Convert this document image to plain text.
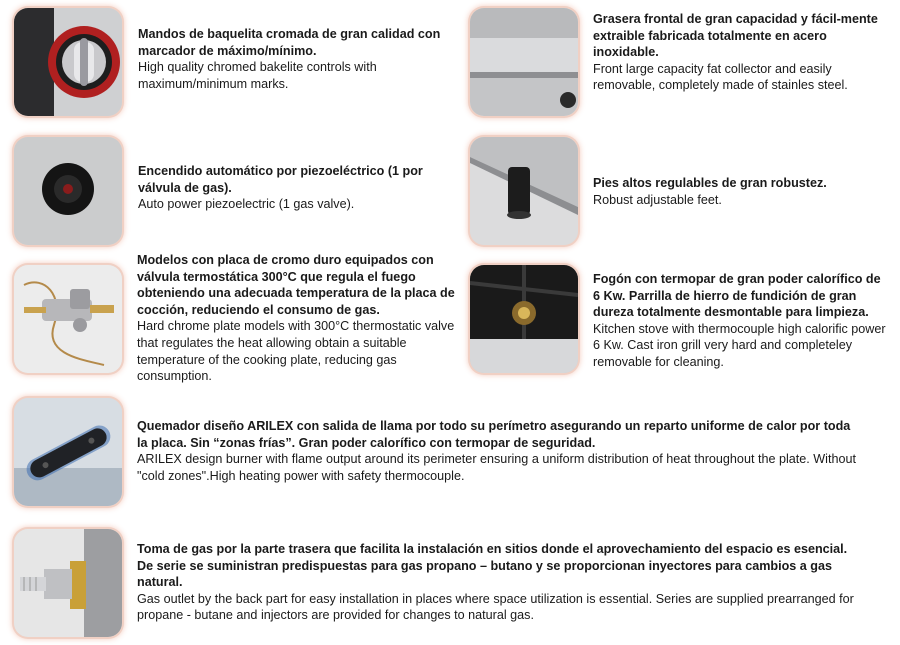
Mandos de baquelita cromada de gran calidad con marcador de máximo/mínimo.

High quality chromed bakelite controls with maximum/minimum marks.

Grasera frontal de gran capacidad y fácil-mente extraible fabricada totalmente en acero inoxidable.

Front large capacity fat collector and easily removable, completely made of stainles steel.

Encendido automático por piezoeléctrico (1 por válvula de gas).

Auto power piezoelectric (1 gas valve).

Pies altos regulables de gran robustez.

Robust adjustable feet.

Modelos con placa de cromo duro equipados con válvula termostática 300°C que regula el fuego obteniendo una adecuada temperatura de la placa de cocción, reduciendo el consumo de gas.

Hard chrome plate models with 300°C thermostatic valve that regulates the heat allowing obtain a suitable temperature of the cooking plate, reducing gas consumption.

Fogón con termopar de gran poder calorífico de 6 Kw. Parrilla de hierro de fundición de gran dureza totalmente desmontable para limpieza.

Kitchen stove with thermocouple high calorific power 6 Kw. Cast iron grill very hard and completeley removable for cleaning.

Quemador diseño ARILEX con salida de llama por todo su perímetro asegurando un reparto uniforme de calor por toda la placa. Sin “zonas frías”. Gran poder calorífico con termopar de seguridad.

ARILEX design burner with flame output around its perimeter ensuring a uniform distribution of heat throughout the plate. Without "cold zones".High heating power with safety thermocouple.

Toma de gas por la parte trasera que facilita la instalación en sitios donde el aprovechamiento del espacio es esencial. De serie se suministran predispuestas para gas propano – butano y se proporcionan inyectores para cambios a gas natural.

Gas outlet by the back part for easy installation in places where space utilization is essential. Series are supplied prearranged for propane - butane and injectors are provided for changes to natural gas.
